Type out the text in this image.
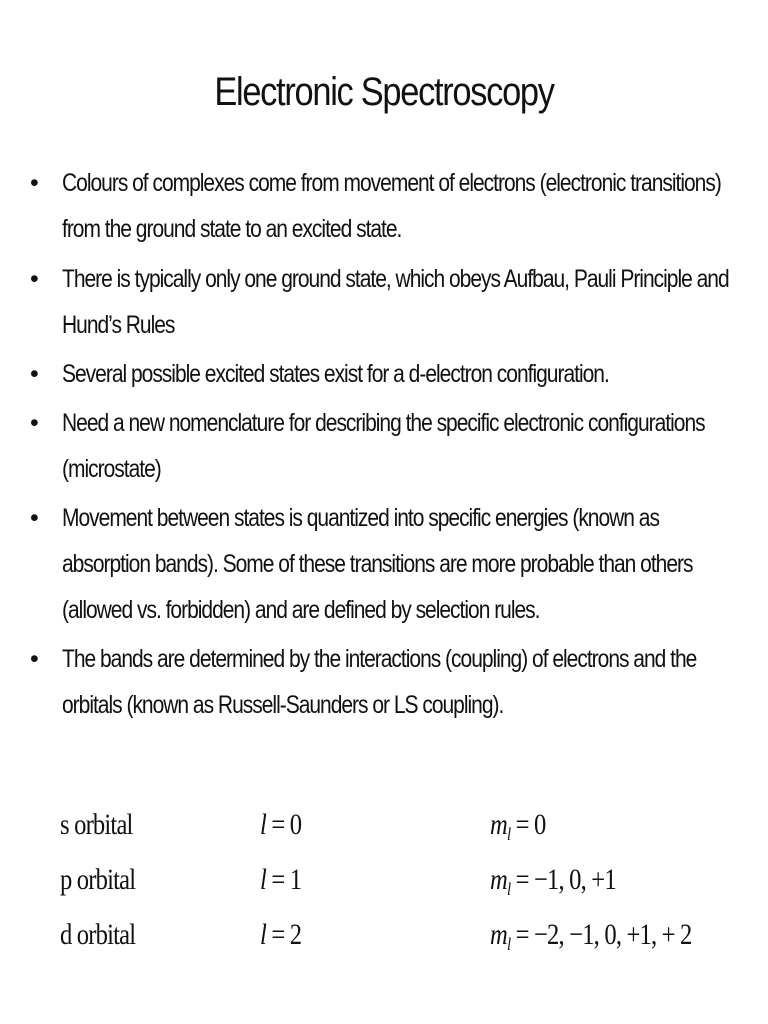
Electronic Spectroscopy
• Colours of complexes come from movement of electrons (electronic transitions) from the ground state to an excited state.
• There is typically only one ground state, which obeys Aufbau, Pauli Principle and Hund’s Rules
• Several possible excited states exist for a d-electron configuration.
• Need a new nomenclature for describing the specific electronic configurations (microstate)
• Movement between states is quantized into specific energies (known as absorption bands). Some of these transitions are more probable than others (allowed vs. forbidden) and are defined by selection rules.
• The bands are determined by the interactions (coupling) of electrons and the orbitals (known as Russell-Saunders or LS coupling).
s orbital	l = 0	$m_l = 0$
p orbital	l = 1	$m_l = -1$, 0, +1
d orbital	l = 2	$m_l = -2$, −1, 0, +1, + 2
